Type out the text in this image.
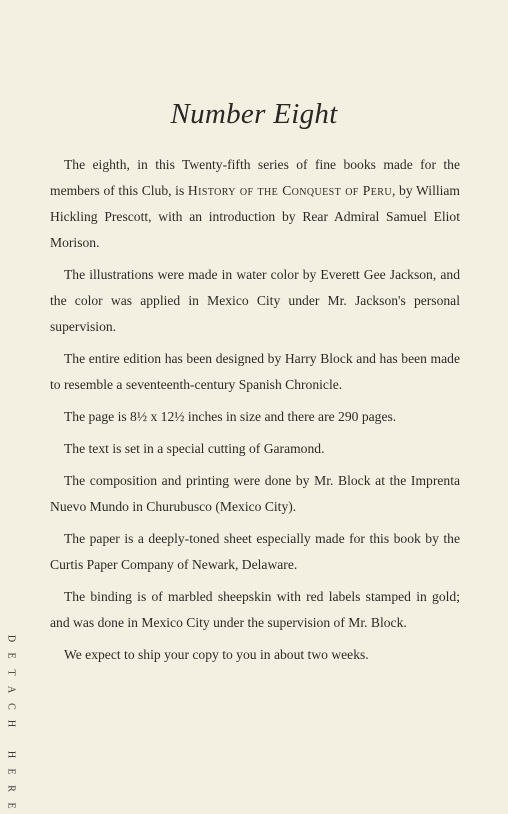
Number Eight

The eighth, in this Twenty-fifth series of fine books made for the members of this Club, is History of the Conquest of Peru, by William Hickling Prescott, with an introduction by Rear Admiral Samuel Eliot Morison.

The illustrations were made in water color by Everett Gee Jackson, and the color was applied in Mexico City under Mr. Jackson's personal supervision.

The entire edition has been designed by Harry Block and has been made to resemble a seventeenth-century Spanish Chronicle.

The page is 8½ x 12½ inches in size and there are 290 pages.

The text is set in a special cutting of Garamond.

The composition and printing were done by Mr. Block at the Imprenta Nuevo Mundo in Churubusco (Mexico City).

The paper is a deeply-toned sheet especially made for this book by the Curtis Paper Company of Newark, Delaware.

The binding is of marbled sheepskin with red labels stamped in gold; and was done in Mexico City under the supervision of Mr. Block.

We expect to ship your copy to you in about two weeks.

D
E
T
A
C
H
H
E
R
E
